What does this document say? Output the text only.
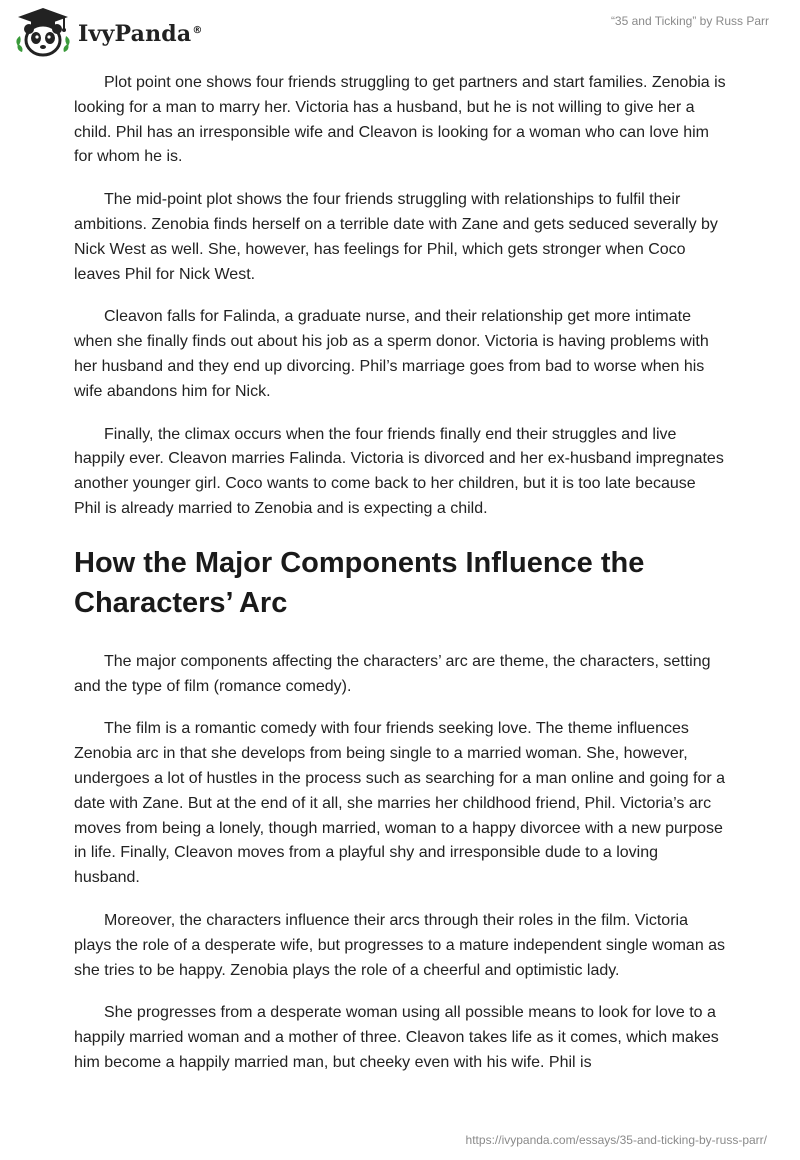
IvyPanda®
“35 and Ticking” by Russ Parr

Plot point one shows four friends struggling to get partners and start families. Zenobia is looking for a man to marry her. Victoria has a husband, but he is not willing to give her a child. Phil has an irresponsible wife and Cleavon is looking for a woman who can love him for whom he is.

The mid-point plot shows the four friends struggling with relationships to fulfil their ambitions. Zenobia finds herself on a terrible date with Zane and gets seduced severally by Nick West as well. She, however, has feelings for Phil, which gets stronger when Coco leaves Phil for Nick West.

Cleavon falls for Falinda, a graduate nurse, and their relationship get more intimate when she finally finds out about his job as a sperm donor. Victoria is having problems with her husband and they end up divorcing. Phil’s marriage goes from bad to worse when his wife abandons him for Nick.

Finally, the climax occurs when the four friends finally end their struggles and live happily ever. Cleavon marries Falinda. Victoria is divorced and her ex-husband impregnates another younger girl. Coco wants to come back to her children, but it is too late because Phil is already married to Zenobia and is expecting a child.

How the Major Components Influence the Characters’ Arc

The major components affecting the characters’ arc are theme, the characters, setting and the type of film (romance comedy).

The film is a romantic comedy with four friends seeking love. The theme influences Zenobia arc in that she develops from being single to a married woman. She, however, undergoes a lot of hustles in the process such as searching for a man online and going for a date with Zane. But at the end of it all, she marries her childhood friend, Phil. Victoria’s arc moves from being a lonely, though married, woman to a happy divorcee with a new purpose in life. Finally, Cleavon moves from a playful shy and irresponsible dude to a loving husband.

Moreover, the characters influence their arcs through their roles in the film. Victoria plays the role of a desperate wife, but progresses to a mature independent single woman as she tries to be happy. Zenobia plays the role of a cheerful and optimistic lady.

She progresses from a desperate woman using all possible means to look for love to a happily married woman and a mother of three. Cleavon takes life as it comes, which makes him become a happily married man, but cheeky even with his wife. Phil is

https://ivypanda.com/essays/35-and-ticking-by-russ-parr/
